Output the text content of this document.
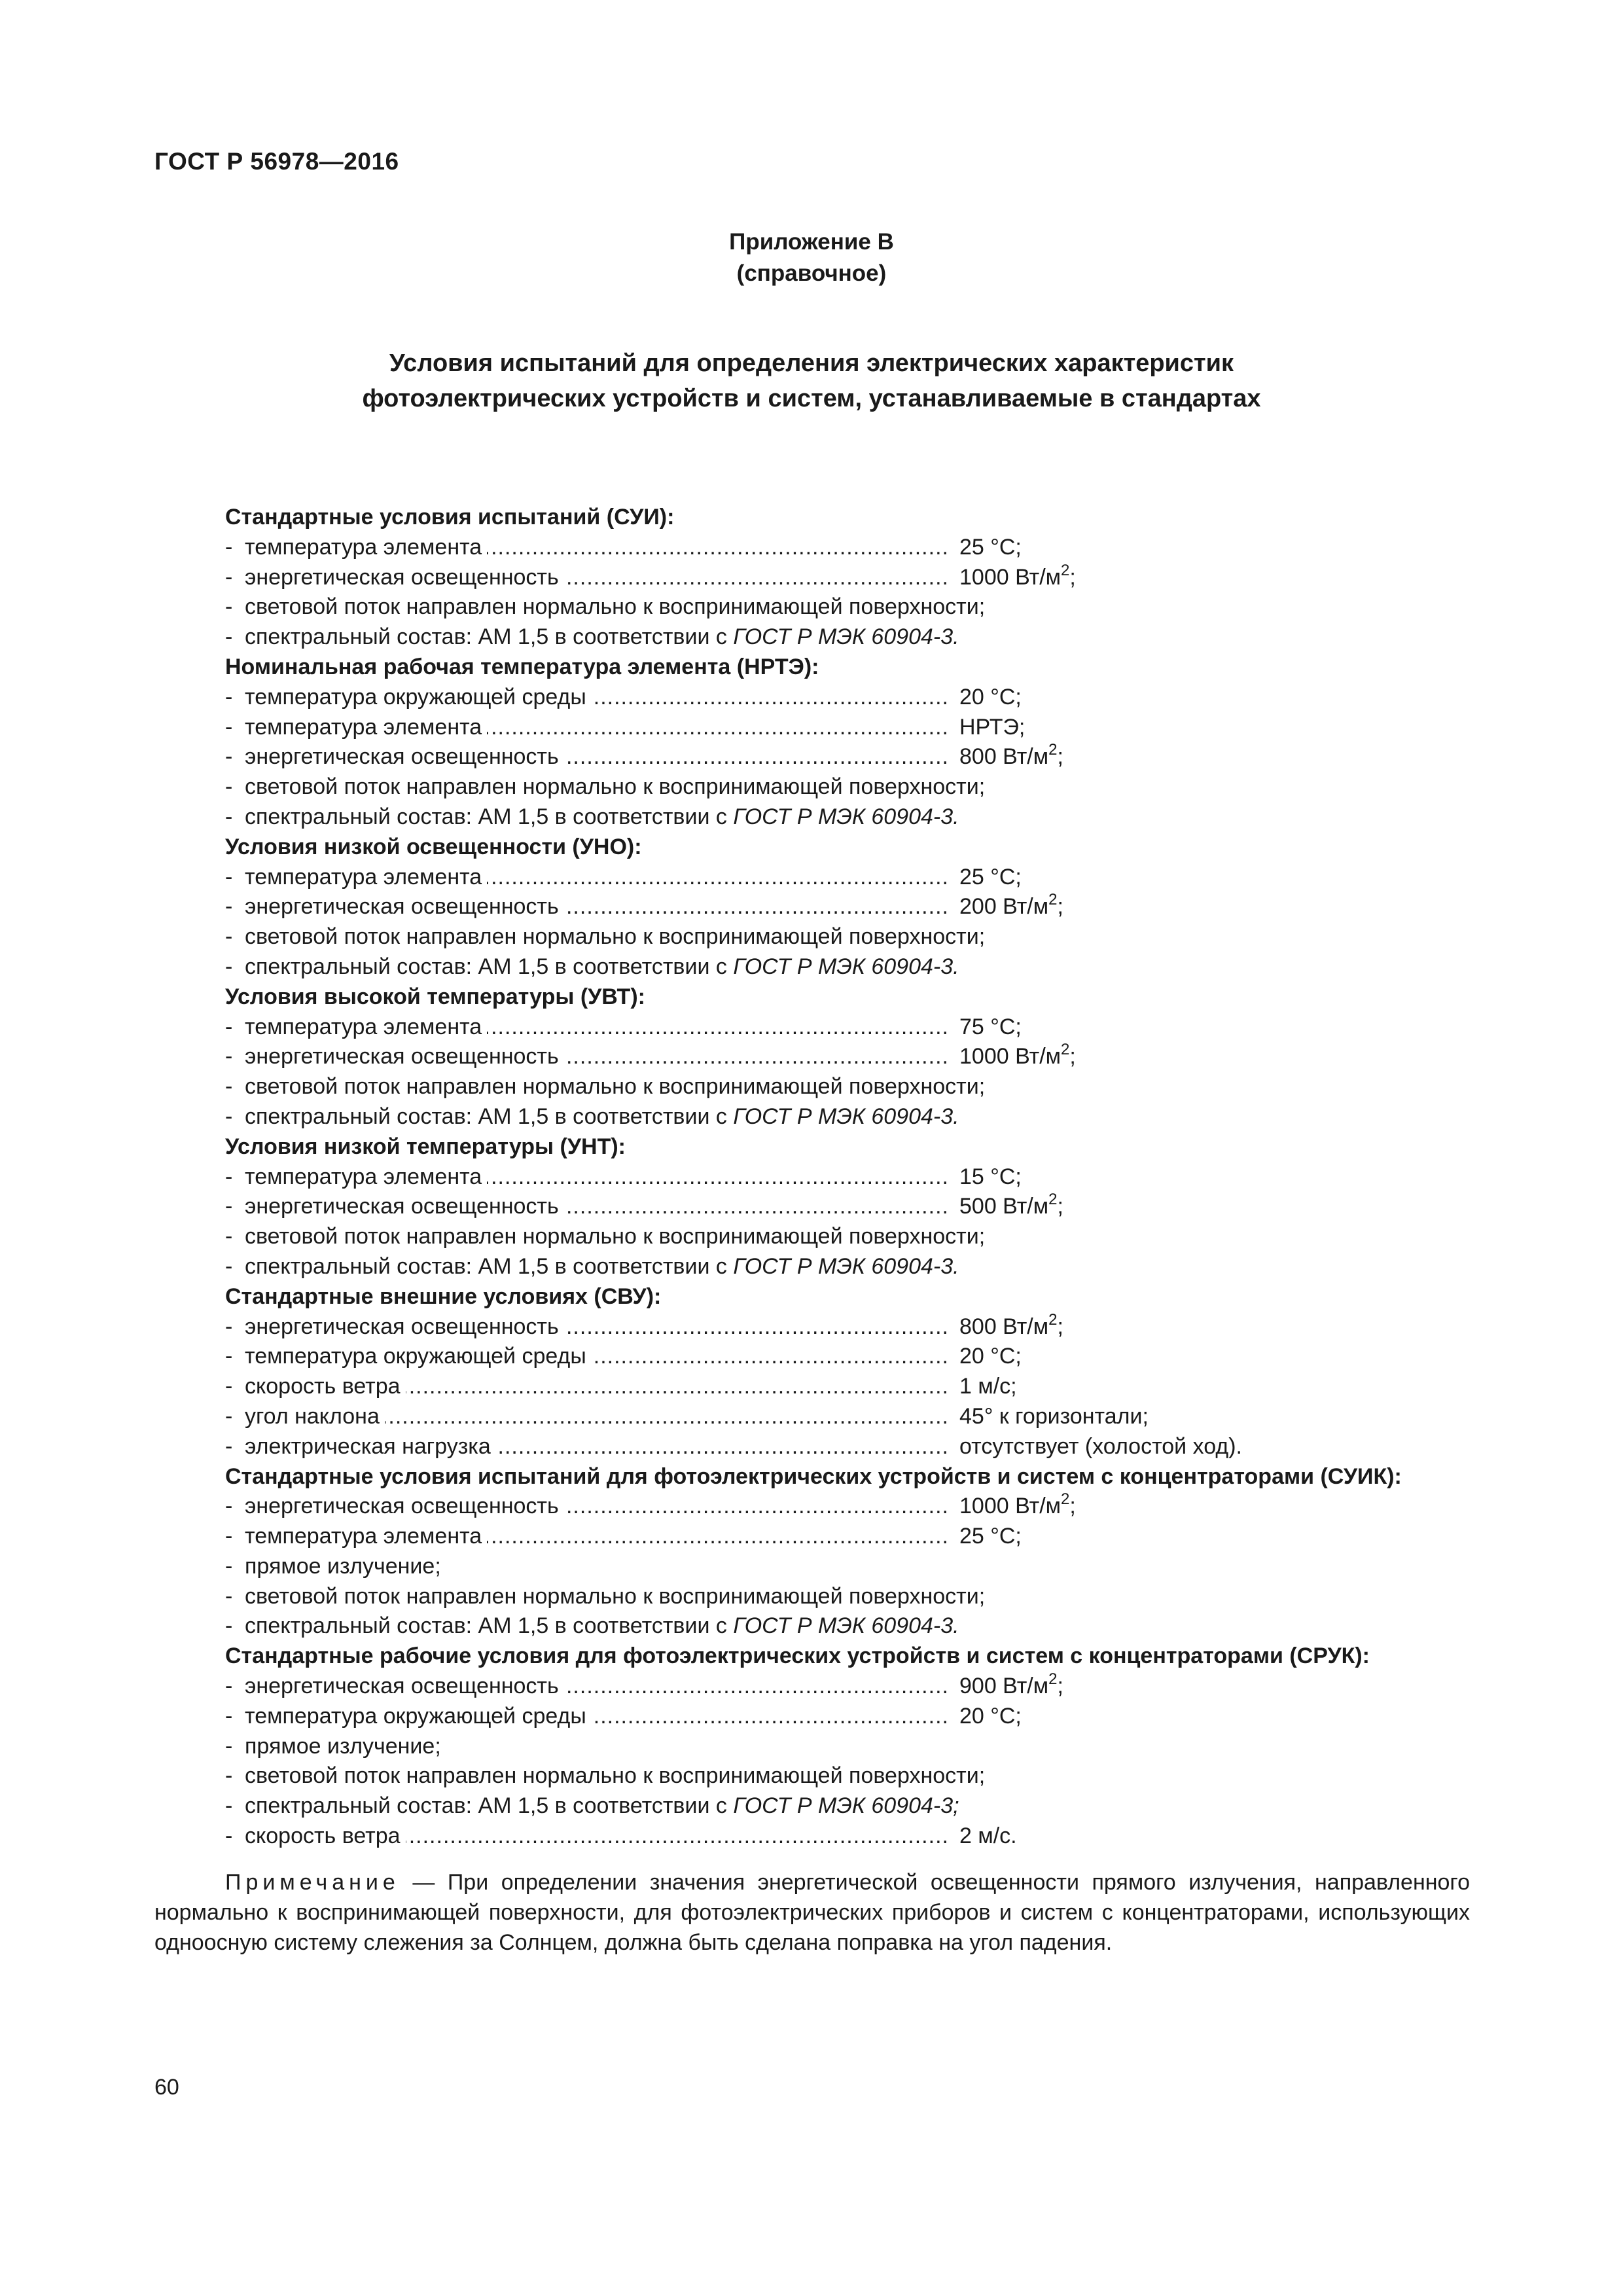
ГОСТ Р 56978—2016
Приложение В
(справочное)
Условия испытаний для определения электрических характеристик
фотоэлектрических устройств и систем, устанавливаемые в стандартах
Стандартные условия испытаний (СУИ):
- температура элемента .....	25 °С;
- энергетическая освещенность .....	1000 $Вт/м^2$;
- световой поток направлен нормально к воспринимающей поверхности;
- спектральный состав: АМ 1,5 в соответствии с ГОСТ Р МЭК 60904-3.
Номинальная рабочая температура элемента (НРТЭ):
- температура окружающей среды .....	20 °С;
- температура элемента .....	НРТЭ;
- энергетическая освещенность .....	800 $Вт/м^2$;
- световой поток направлен нормально к воспринимающей поверхности;
- спектральный состав: АМ 1,5 в соответствии с ГОСТ Р МЭК 60904-3.
Условия низкой освещенности (УНО):
- температура элемента .....	25 °С;
- энергетическая освещенность .....	200 $Вт/м^2$;
- световой поток направлен нормально к воспринимающей поверхности;
- спектральный состав: АМ 1,5 в соответствии с ГОСТ Р МЭК 60904-3.
Условия высокой температуры (УВТ):
- температура элемента .....	75 °С;
- энергетическая освещенность .....	1000 $Вт/м^2$;
- световой поток направлен нормально к воспринимающей поверхности;
- спектральный состав: АМ 1,5 в соответствии с ГОСТ Р МЭК 60904-3.
Условия низкой температуры (УНТ):
- температура элемента .....	15 °С;
- энергетическая освещенность .....	500 $Вт/м^2$;
- световой поток направлен нормально к воспринимающей поверхности;
- спектральный состав: АМ 1,5 в соответствии с ГОСТ Р МЭК 60904-3.
Стандартные внешние условиях (СВУ):
- энергетическая освещенность .....	800 $Вт/м^2$;
- температура окружающей среды .....	20 °С;
- скорость ветра .....	1 м/с;
- угол наклона .....	45° к горизонтали;
- электрическая нагрузка .....	отсутствует (холостой ход).
Стандартные условия испытаний для фотоэлектрических устройств и систем с концентраторами (СУИК):
- энергетическая освещенность .....	1000 $Вт/м^2$;
- температура элемента .....	25 °С;
- прямое излучение;
- световой поток направлен нормально к воспринимающей поверхности;
- спектральный состав: АМ 1,5 в соответствии с ГОСТ Р МЭК 60904-3.
Стандартные рабочие условия для фотоэлектрических устройств и систем с концентраторами (СРУК):
- энергетическая освещенность .....	900 $Вт/м^2$;
- температура окружающей среды .....	20 °С;
- прямое излучение;
- световой поток направлен нормально к воспринимающей поверхности;
- спектральный состав: АМ 1,5 в соответствии с ГОСТ Р МЭК 60904-3;
- скорость ветра .....	2 м/с.
Примечание — При определении значения энергетической освещенности прямого излучения, направленного нормально к воспринимающей поверхности, для фотоэлектрических приборов и систем с концентраторами, использующих одноосную систему слежения за Солнцем, должна быть сделана поправка на угол падения.
60
